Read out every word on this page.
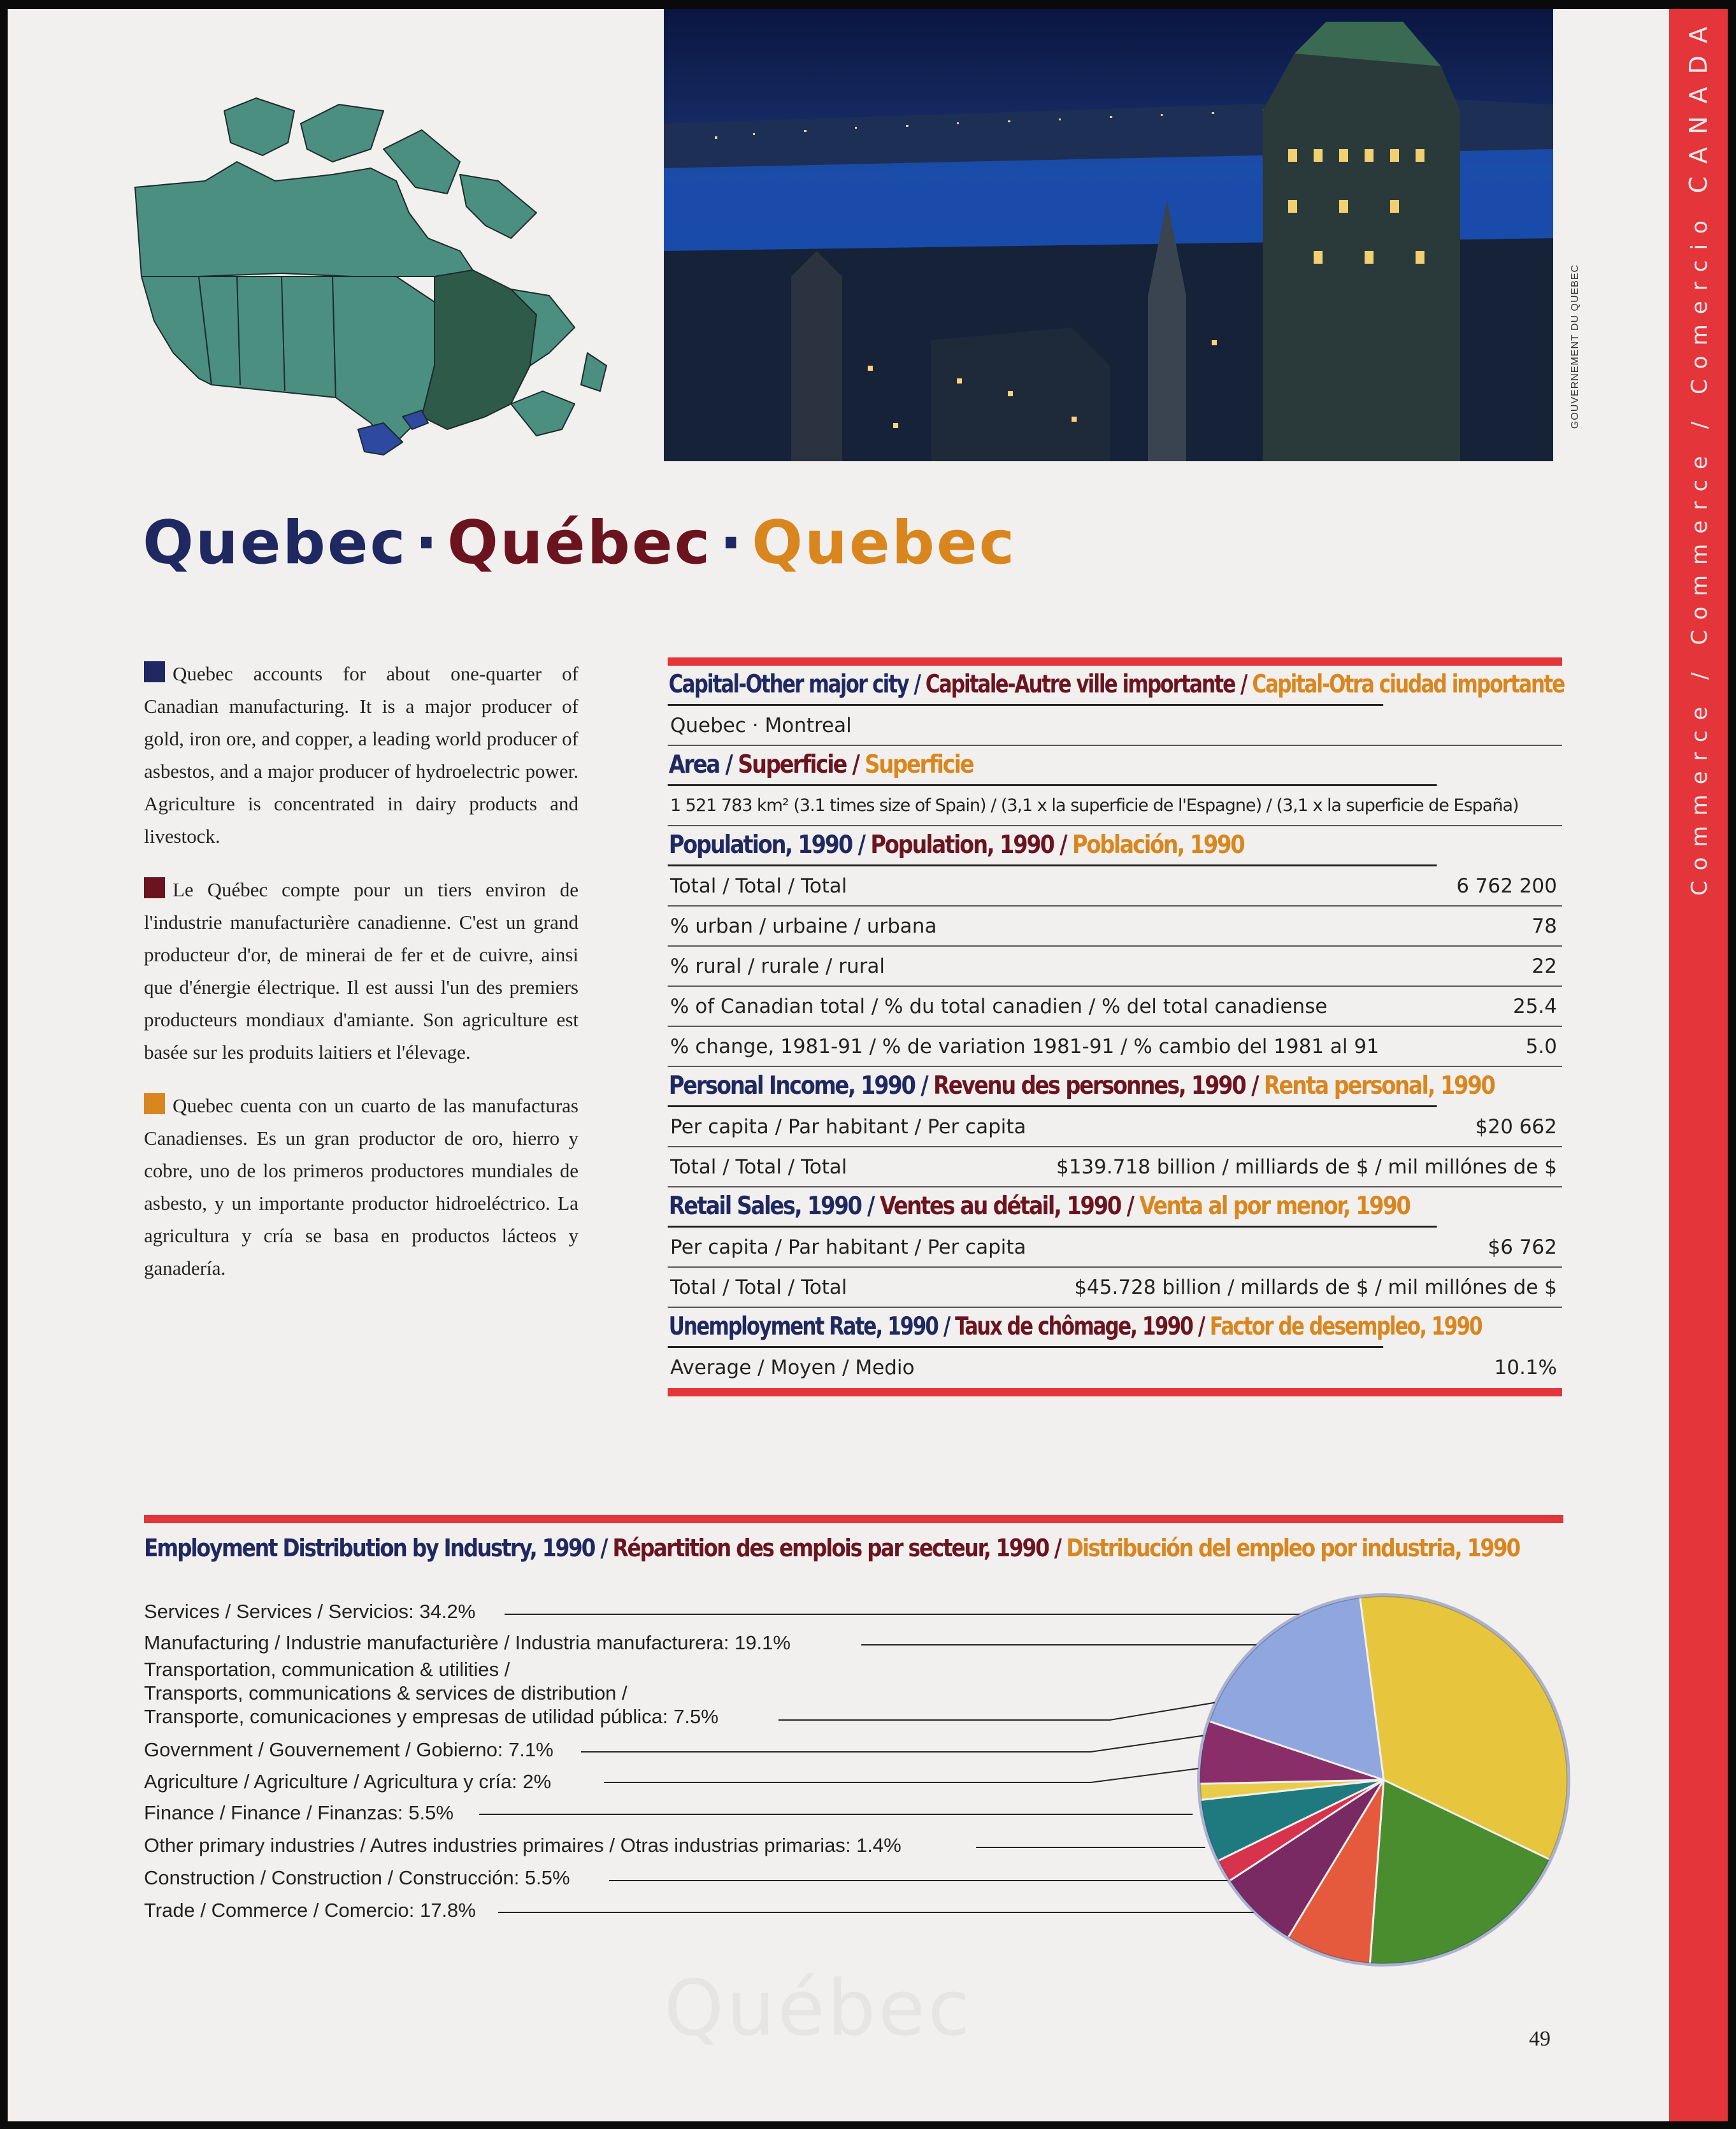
Commerce / Commerce / Comercio CANADA
GOUVERNEMENT DU QUEBEC
Quebec · Québec · Quebec

Quebec accounts for about one-quarter of Canadian manufacturing. It is a major producer of gold, iron ore, and copper, a leading world producer of asbestos, and a major producer of hydroelectric power. Agriculture is concentrated in dairy products and livestock.

Le Québec compte pour un tiers environ de l'industrie manufacturière canadienne. C'est un grand producteur d'or, de minerai de fer et de cuivre, ainsi que d'énergie électrique. Il est aussi l'un des premiers producteurs mondiaux d'amiante. Son agriculture est basée sur les produits laitiers et l'élevage.

Quebec cuenta con un cuarto de las manufacturas Canadienses. Es un gran productor de oro, hierro y cobre, uno de los primeros productores mundiales de asbesto, y un importante productor hidroeléctrico. La agricultura y cría se basa en productos lácteos y ganadería.

Capital-Other major city / Capitale-Autre ville importante / Capital-Otra ciudad importante
Quebec · Montreal
Area / Superficie / Superficie
1 521 783 km² (3.1 times size of Spain) / (3,1 x la superficie de l'Espagne) / (3,1 x la superficie de España)
Population, 1990 / Population, 1990 / Población, 1990
Total / Total / Total	6 762 200
% urban / urbaine / urbana	78
% rural / rurale / rural	22
% of Canadian total / % du total canadien / % del total canadiense	25.4
% change, 1981-91 / % de variation 1981-91 / % cambio del 1981 al 91	5.0
Personal Income, 1990 / Revenu des personnes, 1990 / Renta personal, 1990
Per capita / Par habitant / Per capita	$20 662
Total / Total / Total	$139.718 billion / milliards de $ / mil millónes de $
Retail Sales, 1990 / Ventes au détail, 1990 / Venta al por menor, 1990
Per capita / Par habitant / Per capita	$6 762
Total / Total / Total	$45.728 billion / millards de $ / mil millónes de $
Unemployment Rate, 1990 / Taux de chômage, 1990 / Factor de desempleo, 1990
Average / Moyen / Medio	10.1%
Employment Distribution by Industry, 1990 / Répartition des emplois par secteur, 1990 / Distribución del empleo por industria, 1990
Services / Services / Servicios: 34.2%
Manufacturing / Industrie manufacturière / Industria manufacturera: 19.1%
Transportation, communication & utilities /
Transports, communications & services de distribution /
Transporte, comunicaciones y empresas de utilidad pública: 7.5%
Government / Gouvernement / Gobierno: 7.1%
Agriculture / Agriculture / Agricultura y cría: 2%
Finance / Finance / Finanzas: 5.5%
Other primary industries / Autres industries primaires / Otras industrias primarias: 1.4%
Construction / Construction / Construcción: 5.5%
Trade / Commerce / Comercio: 17.8%
Québec	49
